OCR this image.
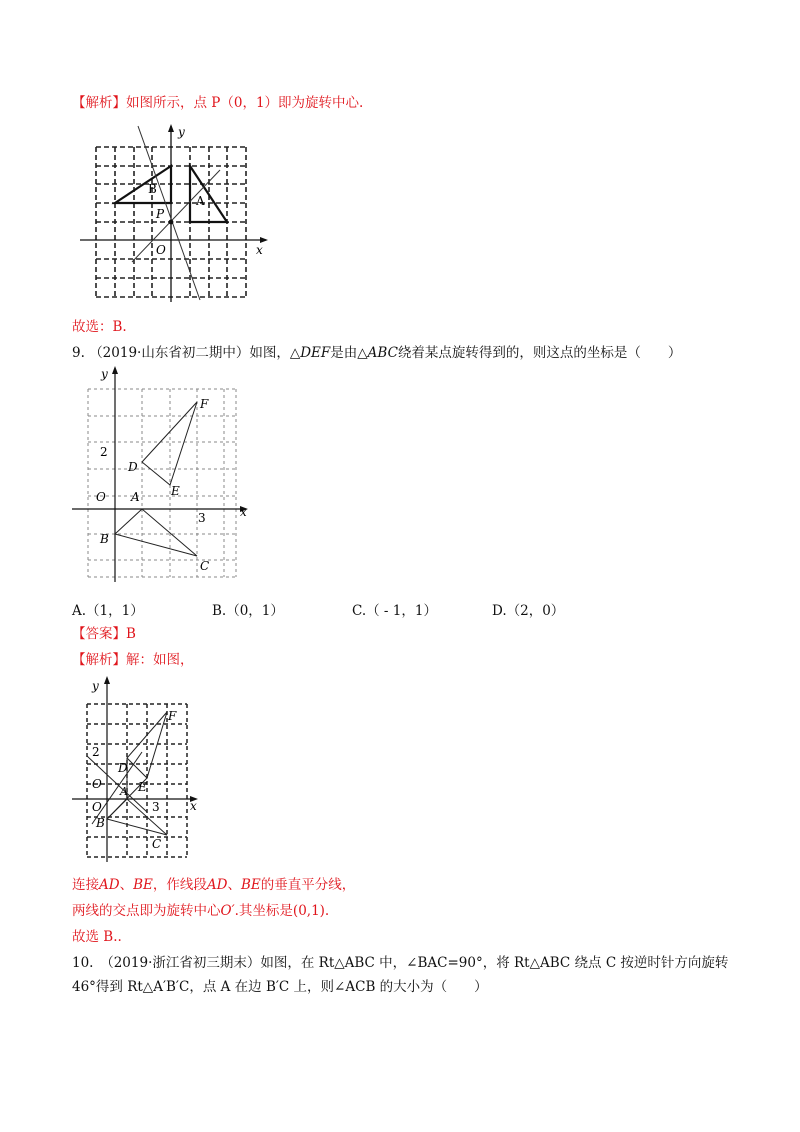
【解析】如图所示，点 P（0，1）即为旋转中心.
y
x
B
A
P
O
故选：B.
9. （2019·山东省初二期中）如图，△DEF是由△ABC绕着某点旋转得到的，则这点的坐标是（　　）
y
x
F
D
E
A
B
C
O
2
3
A.（1，1）	B.（0，1）	C.（ - 1，1）	D.（2，0）
【答案】B
【解析】解：如图，
y
x
F
D
E
A
B
C
O
O
2
3
连接AD、BE，作线段AD、BE的垂直平分线，
两线的交点即为旋转中心O′.其坐标是(0,1).
故选 B..
10.　（2019·浙江省初三期末）如图，在 Rt△ABC 中，∠BAC=90°，将 Rt△ABC 绕点 C 按逆时针方向旋转
46°得到 Rt△A′B′C，点 A 在边 B′C 上，则∠ACB 的大小为（　　）
